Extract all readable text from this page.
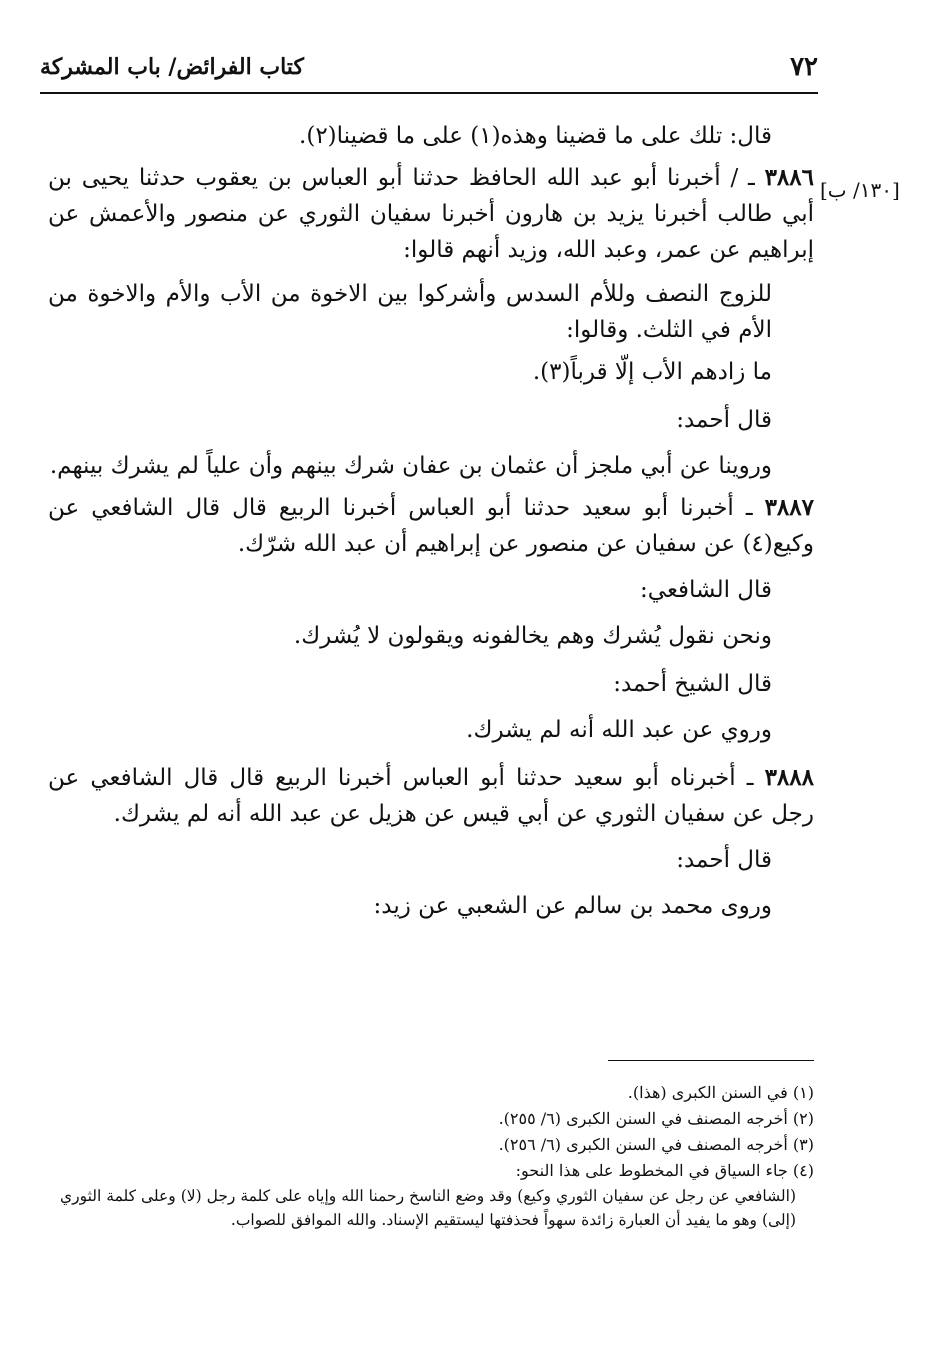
٧٢
كتاب الفرائض/ باب المشركة
[١٣٠/ ب]

قال: تلك على ما قضينا وهذه(١) على ما قضينا(٢).

٣٨٨٦ ـ / أخبرنا أبو عبد الله الحافظ حدثنا أبو العباس بن يعقوب حدثنا يحيى بن أبي طالب أخبرنا يزيد بن هارون أخبرنا سفيان الثوري عن منصور والأعمش عن إبراهيم عن عمر، وعبد الله، وزيد أنهم قالوا:

للزوج النصف وللأم السدس وأشركوا بين الاخوة من الأب والأم والاخوة من الأم في الثلث. وقالوا:

ما زادهم الأب إلّا قرباً(٣).

قال أحمد:

وروينا عن أبي ملجز أن عثمان بن عفان شرك بينهم وأن علياً لم يشرك بينهم.

٣٨٨٧ ـ أخبرنا أبو سعيد حدثنا أبو العباس أخبرنا الربيع قال قال الشافعي عن وكيع(٤) عن سفيان عن منصور عن إبراهيم أن عبد الله شرّك.

قال الشافعي:

ونحن نقول يُشرك وهم يخالفونه ويقولون لا يُشرك.

قال الشيخ أحمد:

وروي عن عبد الله أنه لم يشرك.

٣٨٨٨ ـ أخبرناه أبو سعيد حدثنا أبو العباس أخبرنا الربيع قال قال الشافعي عن رجل عن سفيان الثوري عن أبي قيس عن هزيل عن عبد الله أنه لم يشرك.

قال أحمد:

وروى محمد بن سالم عن الشعبي عن زيد:

(١) في السنن الكبرى (هذا).

(٢) أخرجه المصنف في السنن الكبرى (٦/ ٢٥٥).

(٣) أخرجه المصنف في السنن الكبرى (٦/ ٢٥٦).

(٤) جاء السياق في المخطوط على هذا النحو:

(الشافعي عن رجل عن سفيان الثوري وكيع) وقد وضع الناسخ رحمنا الله وإياه على كلمة رجل (لا) وعلى كلمة الثوري (إلى) وهو ما يفيد أن العبارة زائدة سهواً فحذفتها ليستقيم الإسناد. والله الموافق للصواب.
